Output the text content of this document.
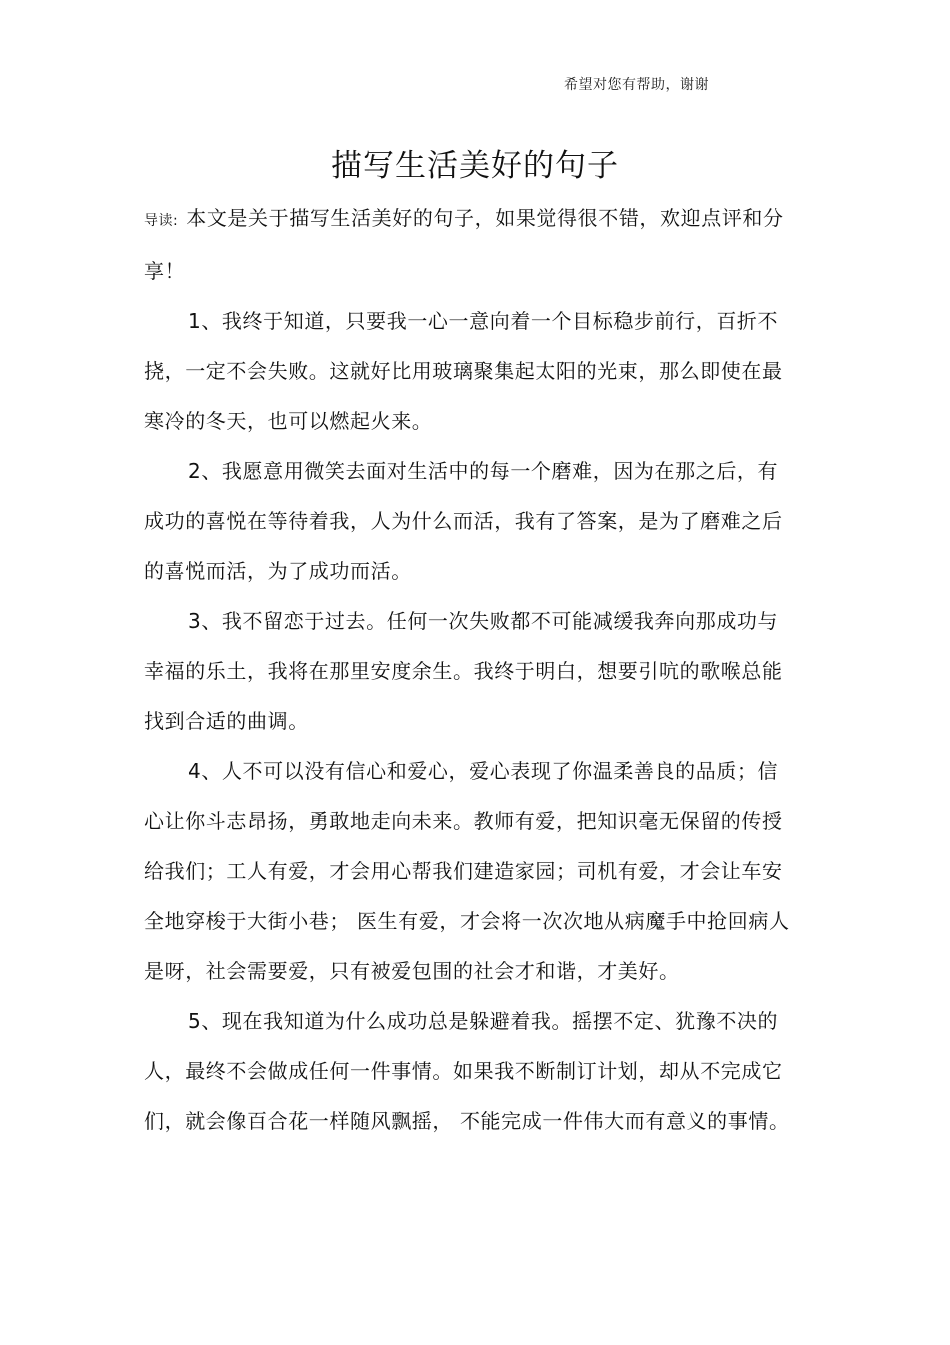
希望对您有帮助，谢谢
描写生活美好的句子
导读: 本文是关于描写生活美好的句子，如果觉得很不错，欢迎点评和分享！

1、我终于知道，只要我一心一意向着一个目标稳步前行，百折不挠，一定不会失败。这就好比用玻璃聚集起太阳的光束，那么即使在最寒冷的冬天，也可以燃起火来。

2、我愿意用微笑去面对生活中的每一个磨难，因为在那之后，有成功的喜悦在等待着我，人为什么而活，我有了答案，是为了磨难之后的喜悦而活，为了成功而活。

3、我不留恋于过去。任何一次失败都不可能减缓我奔向那成功与幸福的乐土，我将在那里安度余生。我终于明白，想要引吭的歌喉总能找到合适的曲调。

4、人不可以没有信心和爱心，爱心表现了你温柔善良的品质；信心让你斗志昂扬，勇敢地走向未来。教师有爱，把知识毫无保留的传授给我们；工人有爱，才会用心帮我们建造家园；司机有爱，才会让车安全地穿梭于大街小巷； 医生有爱，才会将一次次地从病魔手中抢回病人是呀，社会需要爱，只有被爱包围的社会才和谐，才美好。

5、现在我知道为什么成功总是躲避着我。摇摆不定、犹豫不决的人，最终不会做成任何一件事情。如果我不断制订计划，却从不完成它们，就会像百合花一样随风飘摇， 不能完成一件伟大而有意义的事情。
